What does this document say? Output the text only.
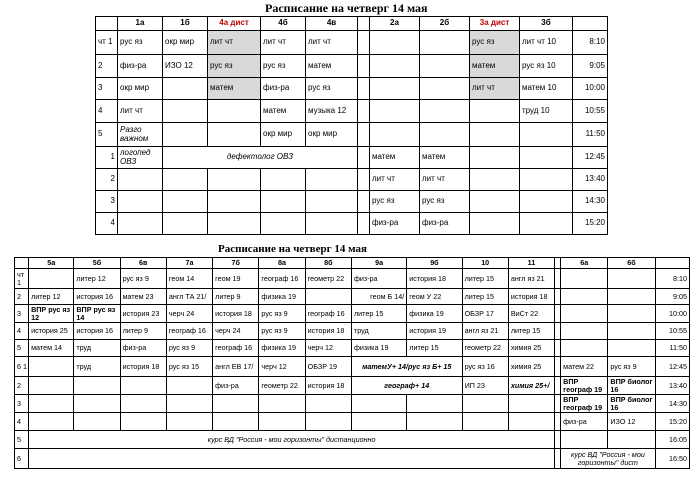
Расписание на четверг 14 мая
	1а	1б	4а дист	4б	4в		2а	2б	3а дист	3б	
чт 1	рус яз	окр мир	лит чт	лит чт	лит чт				рус яз	лит чт 10	8:10
2	физ-ра	ИЗО 12	рус яз	рус яз	матем				матем	рус яз 10	9:05
3	окр мир		матем	физ-ра	рус яз				лит чт	матем 10	10:00
4	лит чт			матем	музыка 12					труд 10	10:55
5	Разго важном			окр мир	окр мир						11:50
1	логопед ОВЗ	дефектолог ОВЗ					матем	матем			12:45
2							лит чт	лит чт			13:40
3							рус яз	рус яз			14:30
4							физ-ра	физ-ра			15:20
Расписание на четверг 14 мая
	5а	5б	6в	7а	7б	8а	8б	9а	9б	10	11		6а	6б	
чт
1		литер 12	рус яз 9	геом 14	геом 19	географ 16	геометр 22	физ-ра	история 18	литер 15	англ яз 21				8:10
2	литер 12	история 16	матем 23	англ ТА 21/	литер 9	физика 19		геом Б 14/	геом У 22	литер 15	история 18				9:05
3	ВПР рус яз 12	ВПР рус яз 14	история 23	черч 24	история 18	рус яз 9	географ 16	литер 15	физика 19	ОБЗР 17	ВиСт 22				10:00
4	история 25	история 16	литер 9	географ 16	черч 24	рус яз 9	история 18	труд	история 19	англ яз 21	литер 15				10:55
5	матем 14	труд	физ-ра	рус яз 9	географ 16	физика 19	черч 12	физика 19	литер 15	геометр 22	химия 25				11:50
6 1		труд	история 18	рус яз 15	англ ЕВ 17/	черч 12	ОБЗР 19	матемУ+ 14/рус яз Б+ 15		рус яз 16	химия 25		матем 22	рус яз 9	12:45
2					физ-ра	геометр 22	история 18	географ+ 14		ИП 23	химия 25+/		ВПР географ 19	ВПР биолог 16	13:40
3													ВПР географ 19	ВПР биолог 16	14:30
4													физ-ра	ИЗО 12	15:20
5	курс ВД "Россия - мои горизонты" дистанционно														16:05
6													курс ВД "Россия - мои горизонты" дист		16:50
